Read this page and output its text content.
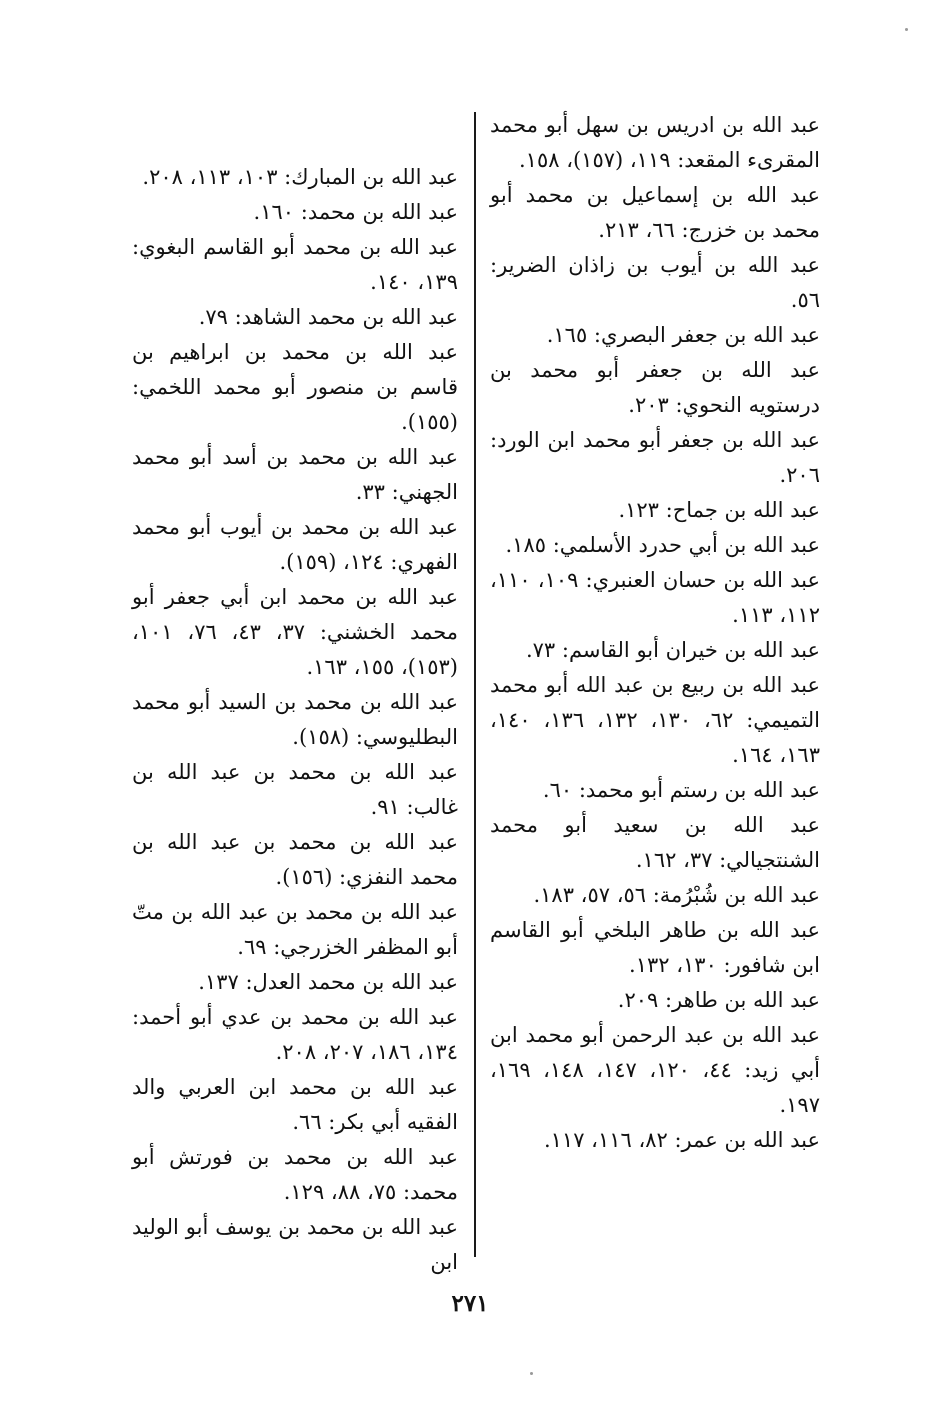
عبد الله بن ادريس بن سهل أبو محمد المقرىء المقعد: ١١٩، (١٥٧)، ١٥٨.

عبد الله بن إسماعيل بن محمد أبو محمد بن خزرج: ٦٦، ٢١٣.

عبد الله بن أيوب بن زاذان الضرير: ٥٦.

عبد الله بن جعفر البصري: ١٦٥.

عبد الله بن جعفر أبو محمد بن درستويه النحوي: ٢٠٣.

عبد الله بن جعفر أبو محمد ابن الورد: ٢٠٦.

عبد الله بن جماح: ١٢٣.

عبد الله بن أبي حدرد الأسلمي: ١٨٥.

عبد الله بن حسان العنبري: ١٠٩، ١١٠، ١١٢، ١١٣.

عبد الله بن خيران أبو القاسم: ٧٣.

عبد الله بن ربيع بن عبد الله أبو محمد التميمي: ٦٢، ١٣٠، ١٣٢، ١٣٦، ١٤٠، ١٦٣، ١٦٤.

عبد الله بن رستم أبو محمد: ٦٠.

عبد الله بن سعيد أبو محمد الشنتجيالي: ٣٧، ١٦٢.

عبد الله بن شُبْرُمة: ٥٦، ٥٧، ١٨٣.

عبد الله بن طاهر البلخي أبو القاسم ابن شافور: ١٣٠، ١٣٢.

عبد الله بن طاهر: ٢٠٩.

عبد الله بن عبد الرحمن أبو محمد ابن أبي زيد: ٤٤، ١٢٠، ١٤٧، ١٤٨، ١٦٩، ١٩٧.

عبد الله بن عمر: ٨٢، ١١٦، ١١٧.

عبد الله بن المبارك: ١٠٣، ١١٣، ٢٠٨.

عبد الله بن محمد: ١٦٠.

عبد الله بن محمد أبو القاسم البغوي: ١٣٩، ١٤٠.

عبد الله بن محمد الشاهد: ٧٩.

عبد الله بن محمد بن ابراهيم بن قاسم بن منصور أبو محمد اللخمي: (١٥٥).

عبد الله بن محمد بن أسد أبو محمد الجهني: ٣٣.

عبد الله بن محمد بن أيوب أبو محمد الفهري: ١٢٤، (١٥٩).

عبد الله بن محمد ابن أبي جعفر أبو محمد الخشني: ٣٧، ٤٣، ٧٦، ١٠١، (١٥٣)، ١٥٥، ١٦٣.

عبد الله بن محمد بن السيد أبو محمد البطليوسي: (١٥٨).

عبد الله بن محمد بن عبد الله بن غالب: ٩١.

عبد الله بن محمد بن عبد الله بن محمد النفزي: (١٥٦).

عبد الله بن محمد بن عبد الله بن متّ أبو المظفر الخزرجي: ٦٩.

عبد الله بن محمد العدل: ١٣٧.

عبد الله بن محمد بن عدي أبو أحمد: ١٣٤، ١٨٦، ٢٠٧، ٢٠٨.

عبد الله بن محمد ابن العربي والد الفقيه أبي بكر: ٦٦.

عبد الله بن محمد بن فورتش أبو محمد: ٧٥، ٨٨، ١٢٩.

عبد الله بن محمد بن يوسف أبو الوليد ابن

٢٧١
